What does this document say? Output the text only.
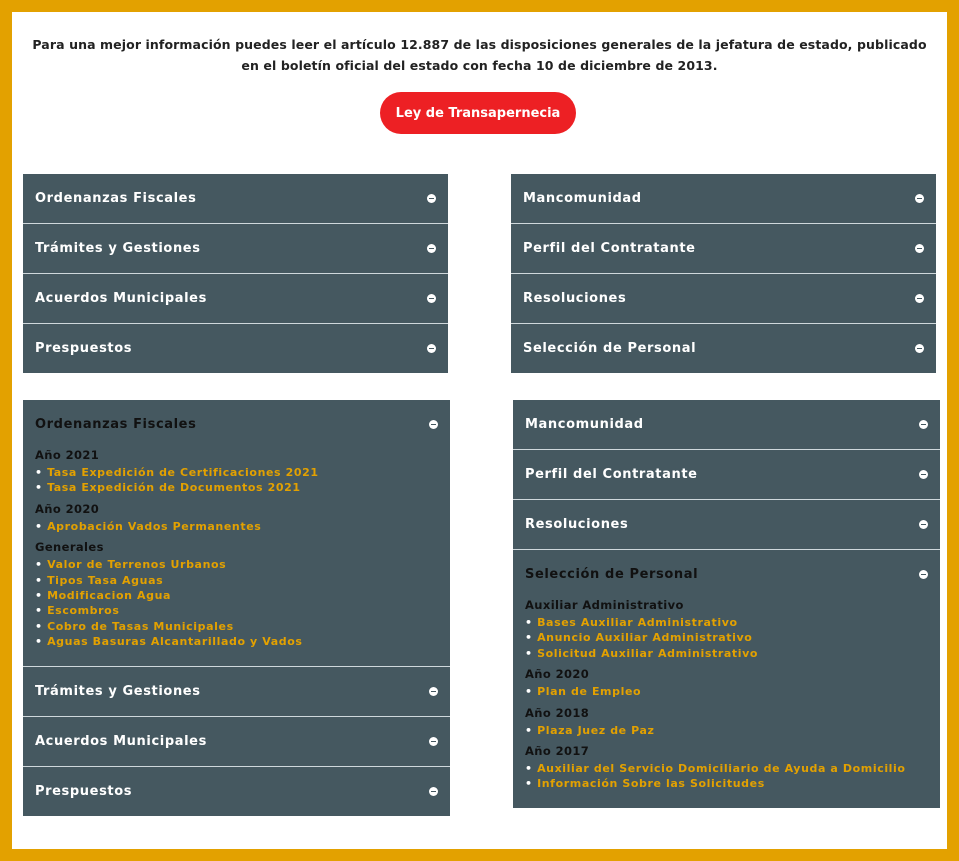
Para una mejor información puedes leer el artículo 12.887 de las disposiciones generales de la jefatura de estado, publicado en el boletín oficial del estado con fecha 10 de diciembre de 2013.

Ley de Transapernecia
Ordenanzas Fiscales
Trámites y Gestiones
Acuerdos Municipales
Prespuestos
Mancomunidad
Perfil del Contratante
Resoluciones
Selección de Personal
Ordenanzas Fiscales
Año 2021
• Tasa Expedición de Certificaciones 2021
• Tasa Expedición de Documentos 2021
Año 2020
• Aprobación Vados Permanentes
Generales
• Valor de Terrenos Urbanos
• Tipos Tasa Aguas
• Modificacion Agua
• Escombros
• Cobro de Tasas Municipales
• Aguas Basuras Alcantarillado y Vados
Trámites y Gestiones
Acuerdos Municipales
Prespuestos
Mancomunidad
Perfil del Contratante
Resoluciones
Selección de Personal
Auxiliar Administrativo
• Bases Auxiliar Administrativo
• Anuncio Auxiliar Administrativo
• Solicitud Auxiliar Administrativo
Año 2020
• Plan de Empleo
Año 2018
• Plaza Juez de Paz
Año 2017
• Auxiliar del Servicio Domiciliario de Ayuda a Domicilio
• Información Sobre las Solicitudes
